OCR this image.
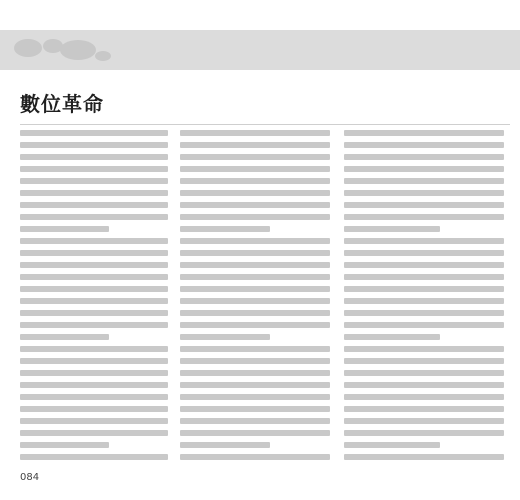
數位革命
084
